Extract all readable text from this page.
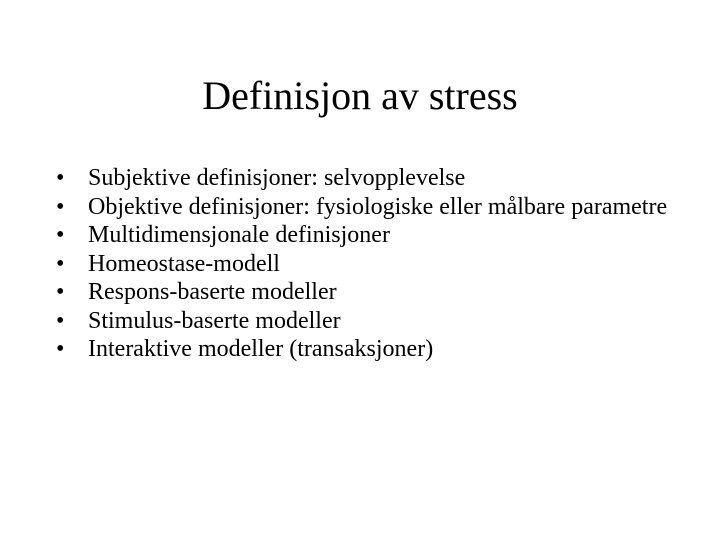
Definisjon av stress
• Subjektive definisjoner: selvopplevelse
• Objektive definisjoner: fysiologiske eller målbare parametre
• Multidimensjonale definisjoner
• Homeostase-modell
• Respons-baserte modeller
• Stimulus-baserte modeller
• Interaktive modeller (transaksjoner)
